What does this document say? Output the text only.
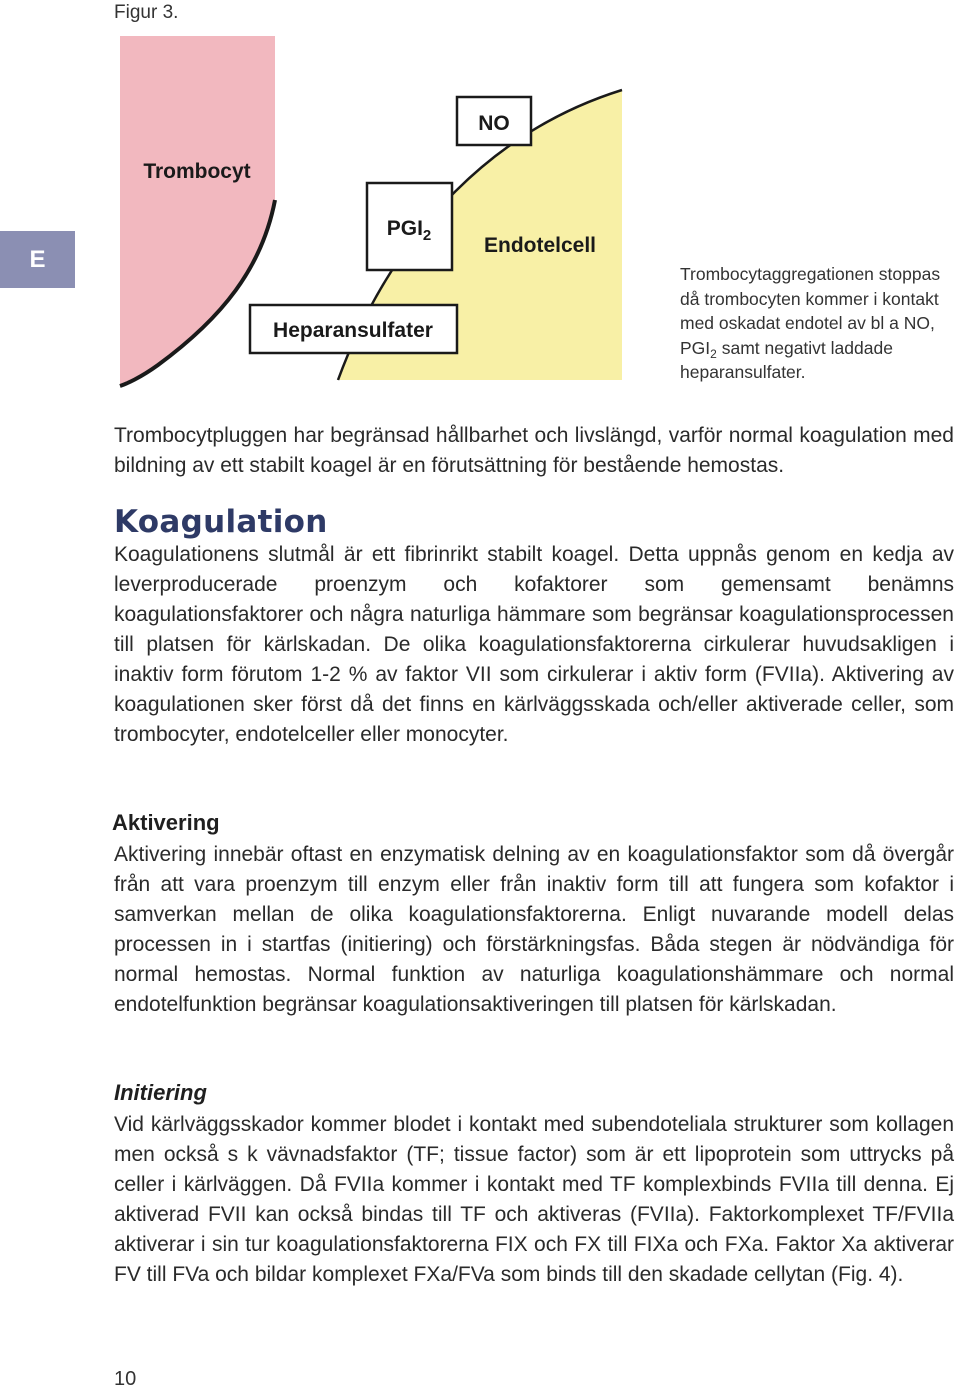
Figur 3.
E
Trombocyt
NO
$PGI_2$	Endotelcell
Heparansulfater
Trombocytaggregationen stoppas då trombocyten kommer i kontakt med oskadat endotel av bl a NO, $PGI_2$ samt negativt laddade heparansulfater.
Trombocytpluggen har begränsad hållbarhet och livslängd, varför normal koagulation med bildning av ett stabilt koagel är en förutsättning för bestående hemostas.
Koagulation
Koagulationens slutmål är ett fibrinrikt stabilt koagel. Detta uppnås genom en kedja av leverproducerade proenzym och kofaktorer som gemensamt benämns koagulationsfaktorer och några naturliga hämmare som begränsar koagulationsprocessen till platsen för kärlskadan. De olika koagulationsfaktorerna cirkulerar huvudsakligen i inaktiv form förutom 1-2 % av faktor VII som cirkulerar i aktiv form (FVIIa). Aktivering av koagulationen sker först då det finns en kärlväggsskada och/eller aktiverade celler, som trombocyter, endotelceller eller monocyter.
Aktivering
Aktivering innebär oftast en enzymatisk delning av en koagulationsfaktor som då övergår från att vara proenzym till enzym eller från inaktiv form till att fungera som kofaktor i samverkan mellan de olika koagulationsfaktorerna. Enligt nuvarande modell delas processen in i startfas (initiering) och förstärkningsfas. Båda stegen är nödvändiga för normal hemostas. Normal funktion av naturliga koagulationshämmare och normal endotelfunktion begränsar koagulationsaktiveringen till platsen för kärlskadan.
Initiering
Vid kärlväggsskador kommer blodet i kontakt med subendoteliala strukturer som kollagen men också s k vävnadsfaktor (TF; tissue factor) som är ett lipoprotein som uttrycks på celler i kärlväggen. Då FVIIa kommer i kontakt med TF komplexbinds FVIIa till denna. Ej aktiverad FVII kan också bindas till TF och aktiveras (FVIIa). Faktorkomplexet TF/FVIIa aktiverar i sin tur koagulationsfaktorerna FIX och FX till FIXa och FXa. Faktor Xa aktiverar FV till FVa och bildar komplexet FXa/FVa som binds till den skadade cellytan (Fig. 4).
10
